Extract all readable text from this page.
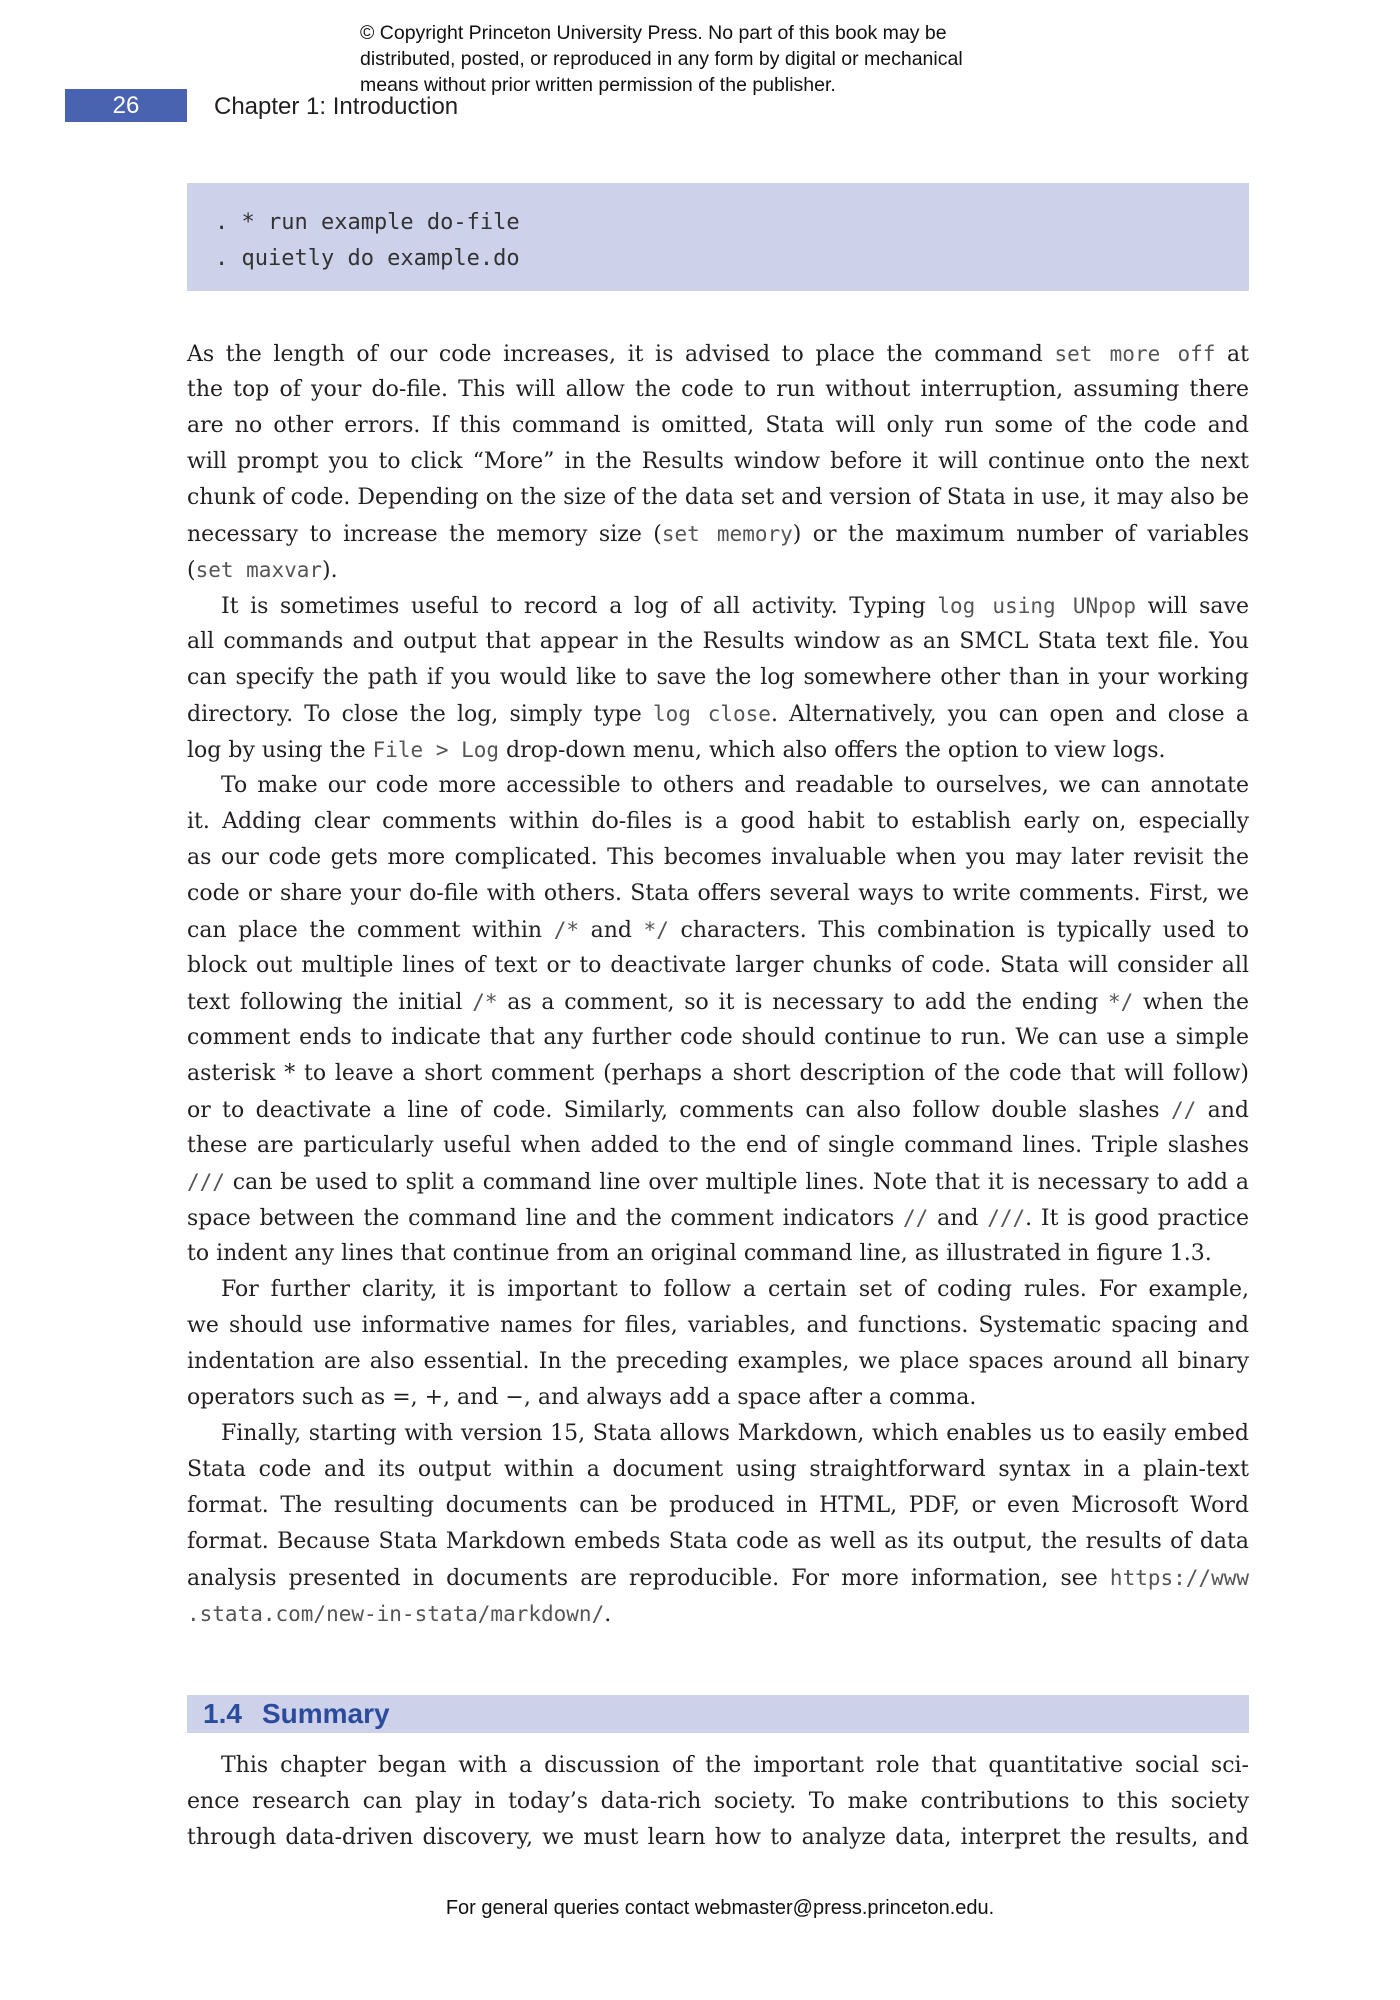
© Copyright Princeton University Press. No part of this book may be
distributed, posted, or reproduced in any form by digital or mechanical
means without prior written permission of the publisher.
26	Chapter 1: Introduction
. * run example do-file
. quietly do example.do
As the length of our code increases, it is advised to place the command set more off at
the top of your do-file. This will allow the code to run without interruption, assuming there
are no other errors. If this command is omitted, Stata will only run some of the code and
will prompt you to click “More” in the Results window before it will continue onto the next
chunk of code. Depending on the size of the data set and version of Stata in use, it may also be
necessary to increase the memory size (set memory) or the maximum number of variables
(set maxvar).
It is sometimes useful to record a log of all activity. Typing log using UNpop will save
all commands and output that appear in the Results window as an SMCL Stata text file. You
can specify the path if you would like to save the log somewhere other than in your working
directory. To close the log, simply type log close. Alternatively, you can open and close a
log by using the File > Log drop-down menu, which also offers the option to view logs.
To make our code more accessible to others and readable to ourselves, we can annotate
it. Adding clear comments within do-files is a good habit to establish early on, especially
as our code gets more complicated. This becomes invaluable when you may later revisit the
code or share your do-file with others. Stata offers several ways to write comments. First, we
can place the comment within /* and */ characters. This combination is typically used to
block out multiple lines of text or to deactivate larger chunks of code. Stata will consider all
text following the initial /* as a comment, so it is necessary to add the ending */ when the
comment ends to indicate that any further code should continue to run. We can use a simple
asterisk * to leave a short comment (perhaps a short description of the code that will follow)
or to deactivate a line of code. Similarly, comments can also follow double slashes // and
these are particularly useful when added to the end of single command lines. Triple slashes
/// can be used to split a command line over multiple lines. Note that it is necessary to add a
space between the command line and the comment indicators // and ///. It is good practice
to indent any lines that continue from an original command line, as illustrated in figure 1.3.
For further clarity, it is important to follow a certain set of coding rules. For example,
we should use informative names for files, variables, and functions. Systematic spacing and
indentation are also essential. In the preceding examples, we place spaces around all binary
operators such as =, +, and −, and always add a space after a comma.
Finally, starting with version 15, Stata allows Markdown, which enables us to easily embed
Stata code and its output within a document using straightforward syntax in a plain-text
format. The resulting documents can be produced in HTML, PDF, or even Microsoft Word
format. Because Stata Markdown embeds Stata code as well as its output, the results of data
analysis presented in documents are reproducible. For more information, see https://www
.stata.com/new-in-stata/markdown/.
1.4 Summary
This chapter began with a discussion of the important role that quantitative social sci-
ence research can play in today’s data-rich society. To make contributions to this society
through data-driven discovery, we must learn how to analyze data, interpret the results, and
For general queries contact webmaster@press.princeton.edu.
